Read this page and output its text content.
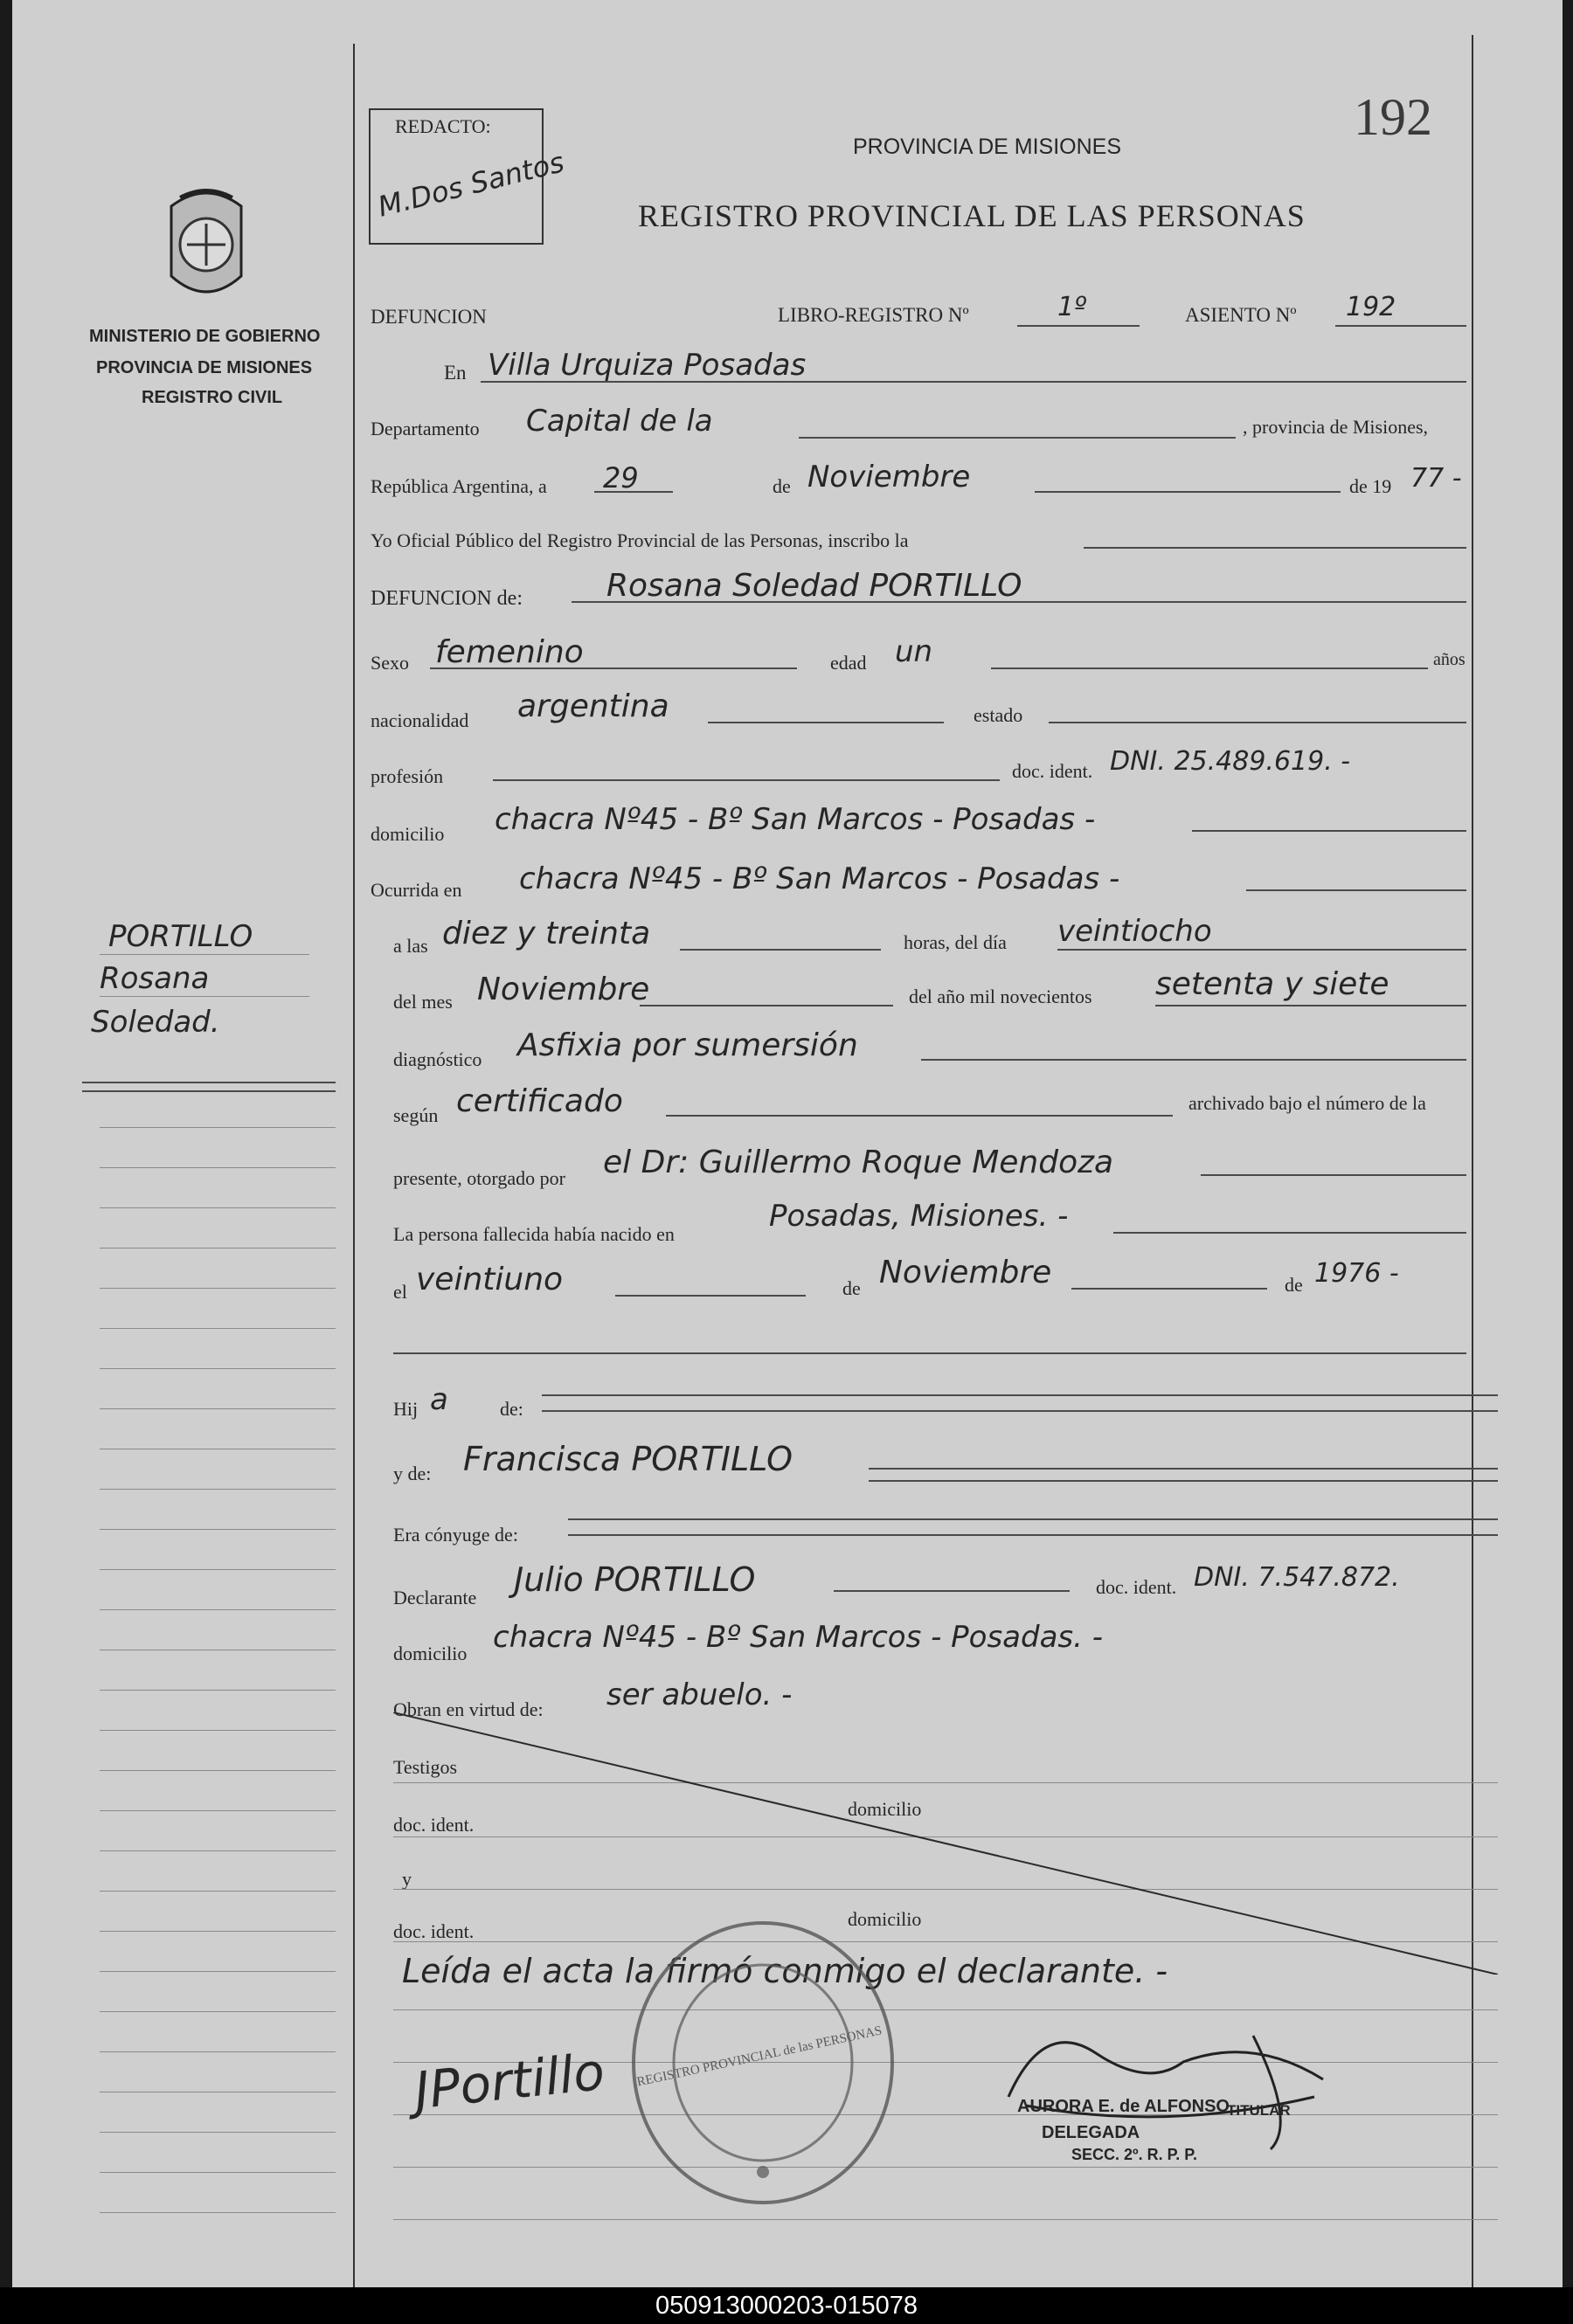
REDACTO:
M.Dos Santos
192
PROVINCIA DE MISIONES
REGISTRO PROVINCIAL DE LAS PERSONAS
MINISTERIO DE GOBIERNO
PROVINCIA DE MISIONES
REGISTRO CIVIL
PORTILLO
Rosana
Soledad.
DEFUNCION	LIBRO-REGISTRO Nº	1º	ASIENTO Nº 192
En Villa Urquiza Posadas
Departamento Capital de la	, provincia de Misiones,
República Argentina, a 29	de Noviembre	de 19 77 -
Yo Oficial Público del Registro Provincial de las Personas, inscribo la
DEFUNCION de:	Rosana Soledad PORTILLO
Sexo femenino	edad un	años
nacionalidad argentina	estado
profesión	doc. ident. DNI. 25.489.619. -
domicilio chacra Nº45 - Bº San Marcos - Posadas -
Ocurrida en chacra Nº45 - Bº San Marcos - Posadas -
a las diez y treinta	horas, del día veintiocho
del mes Noviembre	del año mil novecientos setenta y siete
diagnóstico Asfixia por sumersión
según certificado	archivado bajo el número de la
presente, otorgado por el Dr: Guillermo Roque Mendoza
La persona fallecida había nacido en
Posadas, Misiones. -
el veintiuno	de Noviembre	de 1976 -
Hij a	de:
y de: Francisca PORTILLO
Era cónyuge de:
Declarante Julio PORTILLO	doc. ident. DNI. 7.547.872.
domicilio chacra Nº45 - Bº San Marcos - Posadas. -
Obran en virtud de: ser abuelo. -
Testigos
doc. ident.
domicilio
y
doc. ident.
domicilio
Leída el acta la firmó conmigo el declarante. -
JPortillo REGISTRO PROVINCIAL de las PERSONAS
AURORA E. de ALFONSO
TITULAR
DELEGADA
SECC. 2º. R. P. P.
050913000203-015078
